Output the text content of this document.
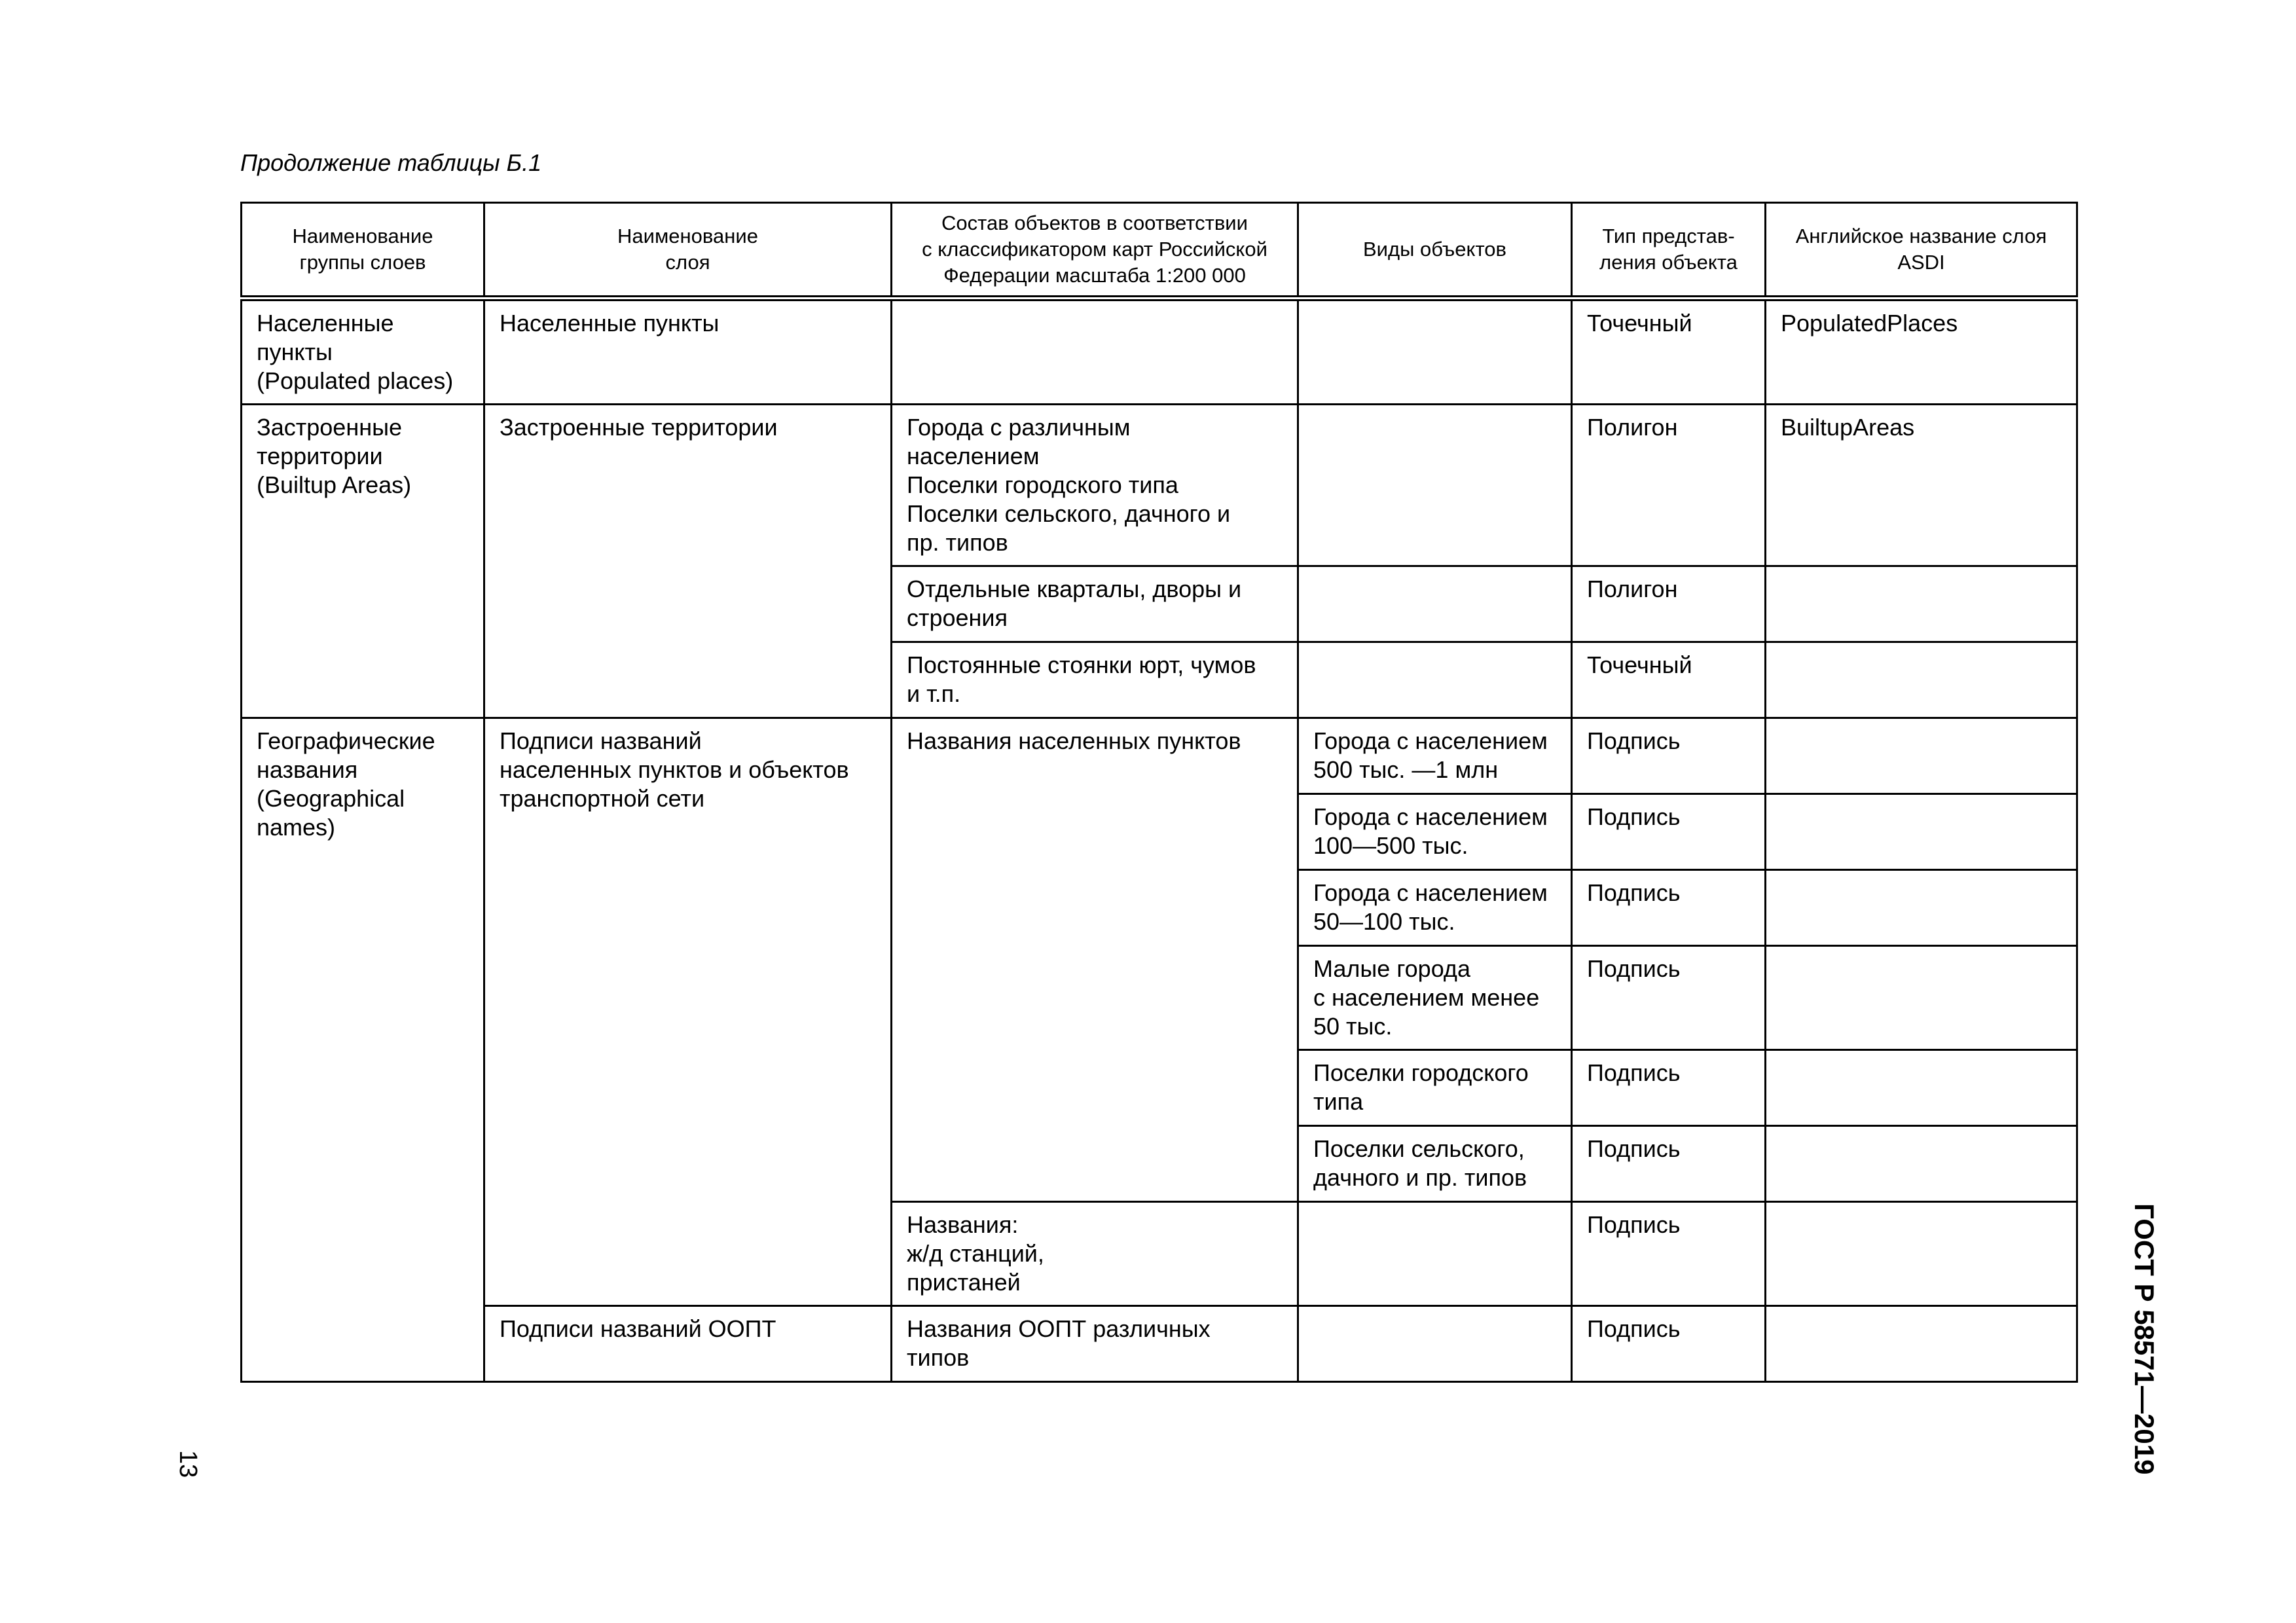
Продолжение таблицы Б.1
Наименование
группы слоев	Наименование
слоя	Состав объектов в соответствии
с классификатором карт Российской
Федерации масштаба 1:200 000	Виды объектов	Тип представ-
ления объекта	Английское название слоя
ASDI
Населенные
пункты
(Populated places)	Населенные пункты			Точечный	PopulatedPlaces
Застроенные
территории
(Builtup Areas)	Застроенные территории	Города с различным
населением
Поселки городского типа
Поселки сельского, дачного и
пр. типов		Полигон	BuiltupAreas
		Отдельные кварталы, дворы и
строения		Полигон	
		Постоянные стоянки юрт, чумов
и т.п.		Точечный	
Географические
названия
(Geographical
names)	Подписи названий
населенных пунктов и объектов
транспортной сети	Названия населенных пунктов	Города с населением
500 тыс. —1 млн	Подпись	
			Города с населением
100—500 тыс.	Подпись	
			Города с населением
50—100 тыс.	Подпись	
			Малые города
с населением менее
50 тыс.	Подпись	
			Поселки городского
типа	Подпись	
			Поселки сельского,
дачного и пр. типов	Подпись	
		Названия:
ж/д станций,
пристаней		Подпись	
	Подписи названий ООПТ	Названия ООПТ различных
типов		Подпись	
13	ГОСТ Р 58571—2019
